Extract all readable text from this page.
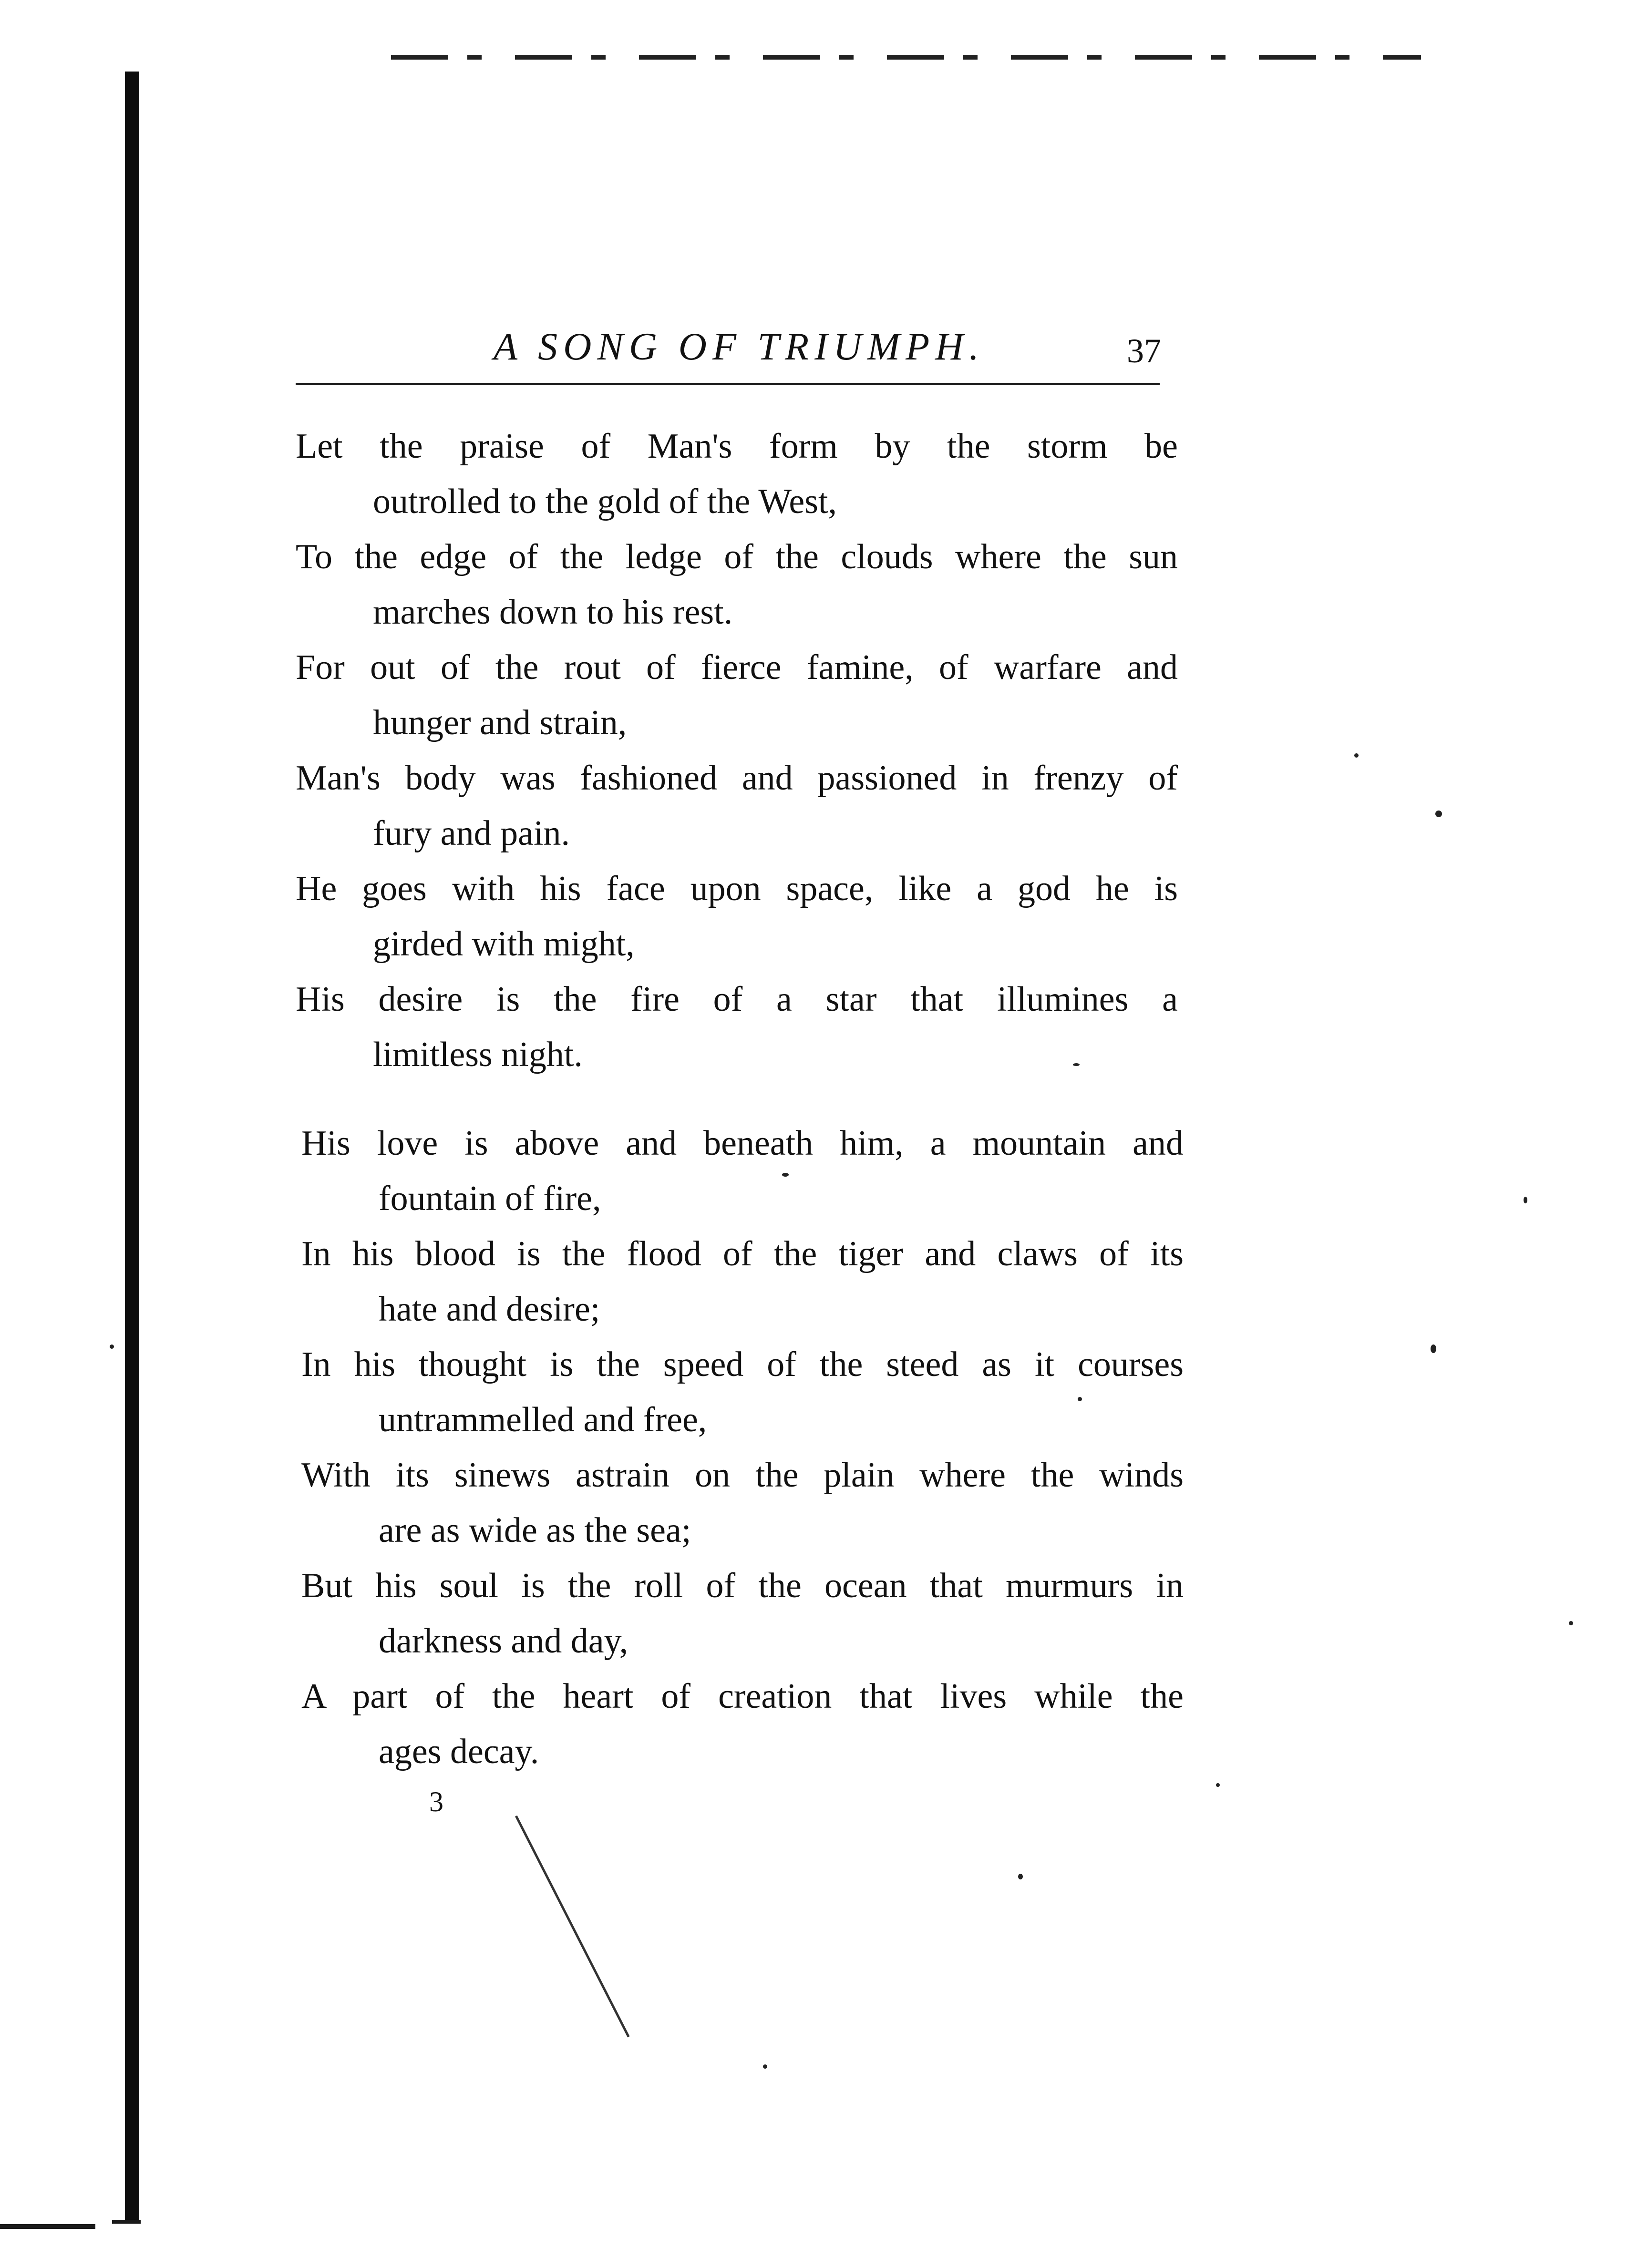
A SONG OF TRIUMPH.	37
Let the praise of Man's form by the storm be
outrolled to the gold of the West,
To the edge of the ledge of the clouds where the sun
marches down to his rest.
For out of the rout of fierce famine, of warfare and
hunger and strain,
Man's body was fashioned and passioned in frenzy of
fury and pain.
He goes with his face upon space, like a god he is
girded with might,
His desire is the fire of a star that illumines a
limitless night.
His love is above and beneath him, a mountain and
fountain of fire,
In his blood is the flood of the tiger and claws of its
hate and desire;
In his thought is the speed of the steed as it courses
untrammelled and free,
With its sinews astrain on the plain where the winds
are as wide as the sea;
But his soul is the roll of the ocean that murmurs in
darkness and day,
A part of the heart of creation that lives while the
ages decay.
3
